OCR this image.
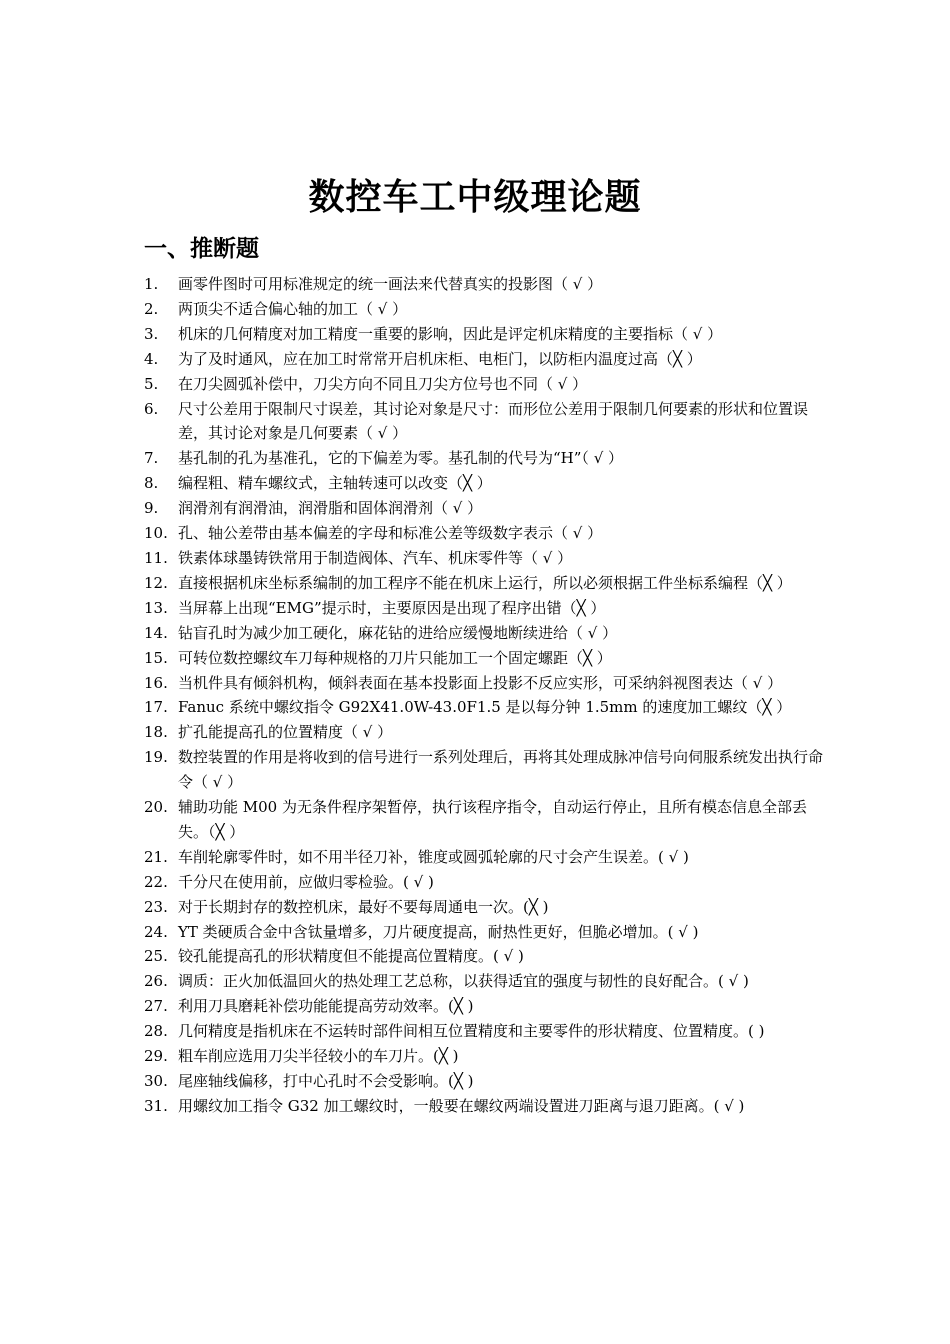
数控车工中级理论题
一、推断题
1.	画零件图时可用标准规定的统一画法来代替真实的投影图（ √ ）
2.	两顶尖不适合偏心轴的加工（ √ ）
3.	机床的几何精度对加工精度一重要的影响，因此是评定机床精度的主要指标（ √ ）
4.	为了及时通风，应在加工时常常开启机床柜、电柜门，以防柜内温度过高（╳ ）
5.	在刀尖圆弧补偿中，刀尖方向不同且刀尖方位号也不同（ √ ）
6.	尺寸公差用于限制尺寸误差，其讨论对象是尺寸：而形位公差用于限制几何要素的形状和位置误差，其讨论对象是几何要素（ √ ）
7.	基孔制的孔为基准孔，它的下偏差为零。基孔制的代号为“H”（ √ ）
8.	编程粗、精车螺纹式，主轴转速可以改变（╳ ）
9.	润滑剂有润滑油，润滑脂和固体润滑剂（ √ ）
10. 孔、轴公差带由基本偏差的字母和标准公差等级数字表示（ √ ）
11. 铁素体球墨铸铁常用于制造阀体、汽车、机床零件等（ √ ）
12. 直接根据机床坐标系编制的加工程序不能在机床上运行，所以必须根据工件坐标系编程（╳ ）
13. 当屏幕上出现“EMG”提示时，主要原因是出现了程序出错（╳ ）
14. 钻盲孔时为减少加工硬化，麻花钻的进给应缓慢地断续进给（ √ ）
15. 可转位数控螺纹车刀每种规格的刀片只能加工一个固定螺距（╳ ）
16. 当机件具有倾斜机构，倾斜表面在基本投影面上投影不反应实形，可采纳斜视图表达（ √ ）
17. Fanuc 系统中螺纹指令 G92X41.0W-43.0F1.5 是以每分钟 1.5mm 的速度加工螺纹（╳ ）
18. 扩孔能提高孔的位置精度（ √ ）
19. 数控装置的作用是将收到的信号进行一系列处理后，再将其处理成脉冲信号向伺服系统发出执行命令（ √ ）
20. 辅助功能 M00 为无条件程序架暂停，执行该程序指令，自动运行停止，且所有模态信息全部丢失。（╳ ）
21. 车削轮廓零件时，如不用半径刀补，锥度或圆弧轮廓的尺寸会产生误差。( √ )
22. 千分尺在使用前，应做归零检验。( √ )
23. 对于长期封存的数控机床，最好不要每周通电一次。(╳ )
24. YT 类硬质合金中含钛量增多，刀片硬度提高，耐热性更好，但脆必增加。( √ )
25. 铰孔能提高孔的形状精度但不能提高位置精度。( √ )
26. 调质：正火加低温回火的热处理工艺总称，以获得适宜的强度与韧性的良好配合。( √ )
27. 利用刀具磨耗补偿功能能提高劳动效率。(╳ )
28. 几何精度是指机床在不运转时部件间相互位置精度和主要零件的形状精度、位置精度。( )
29. 粗车削应选用刀尖半径较小的车刀片。(╳ )
30. 尾座轴线偏移，打中心孔时不会受影响。(╳ )
31. 用螺纹加工指令 G32 加工螺纹时，一般要在螺纹两端设置进刀距离与退刀距离。( √ )
